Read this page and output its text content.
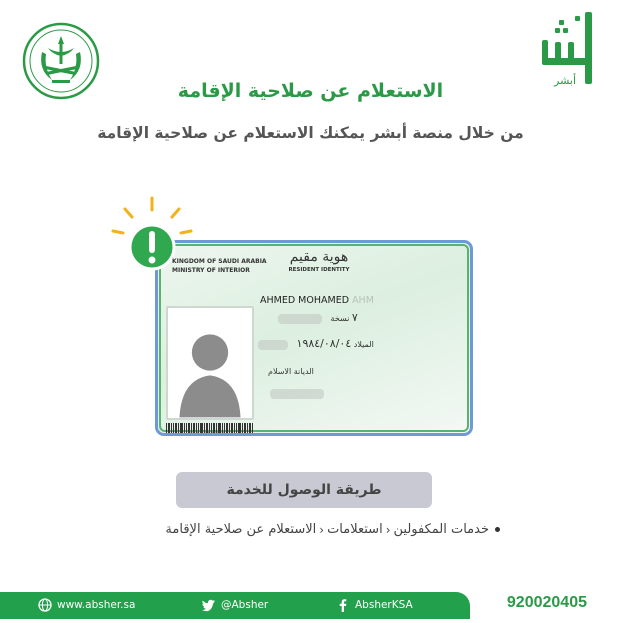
أبشر
الاستعلام عن صلاحية الإقامة
من خلال منصة أبشر يمكنك الاستعلام عن صلاحية الإقامة
KINGDOM OF SAUDI ARABIA
MINISTRY OF INTERIOR
هوية مقيم
RESIDENT IDENTITY
2285158542
AHMED MOHAMED AHM
٧ نسخة
الميلاد ١٩٨٤/٠٨/٠٤
الديانة الاسلام
طريقة الوصول للخدمة
خدمات المكفولين
‹
استعلامات
‹
الاستعلام عن صلاحية الإقامة
www.absher.sa	@Absher	AbsherKSA	920020405
